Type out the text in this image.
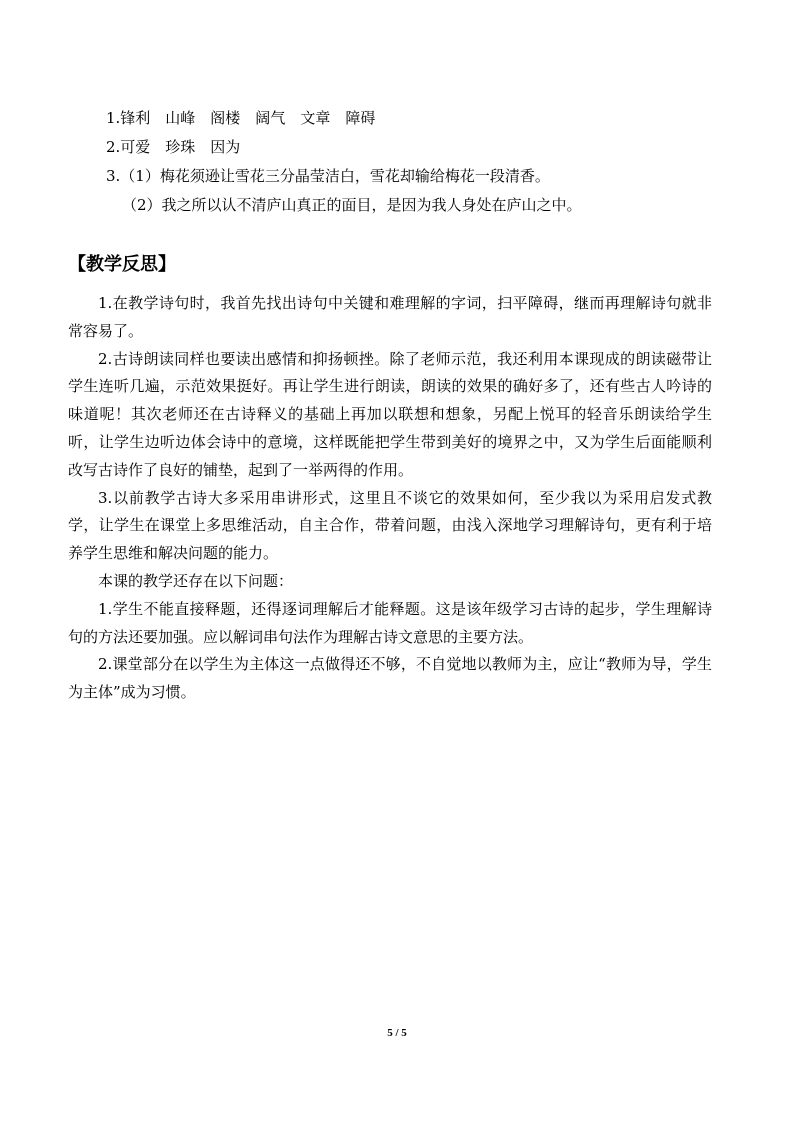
1.锋利　山峰　阁楼　阔气　文章　障碍
2.可爱　珍珠　因为
3.（1）梅花须逊让雪花三分晶莹洁白，雪花却输给梅花一段清香。
（2）我之所以认不清庐山真正的面目，是因为我人身处在庐山之中。
【教学反思】

1.在教学诗句时，我首先找出诗句中关键和难理解的字词，扫平障碍，继而再理解诗句就非常容易了。

2.古诗朗读同样也要读出感情和抑扬顿挫。除了老师示范，我还利用本课现成的朗读磁带让学生连听几遍，示范效果挺好。再让学生进行朗读，朗读的效果的确好多了，还有些古人吟诗的味道呢！其次老师还在古诗释义的基础上再加以联想和想象，另配上悦耳的轻音乐朗读给学生听，让学生边听边体会诗中的意境，这样既能把学生带到美好的境界之中，又为学生后面能顺利改写古诗作了良好的铺垫，起到了一举两得的作用。

3.以前教学古诗大多采用串讲形式，这里且不谈它的效果如何，至少我以为采用启发式教学，让学生在课堂上多思维活动，自主合作，带着问题，由浅入深地学习理解诗句，更有利于培养学生思维和解决问题的能力。

本课的教学还存在以下问题：

1.学生不能直接释题，还得逐词理解后才能释题。这是该年级学习古诗的起步，学生理解诗句的方法还要加强。应以解词串句法作为理解古诗文意思的主要方法。

2.课堂部分在以学生为主体这一点做得还不够，不自觉地以教师为主，应让“教师为导，学生为主体”成为习惯。

5 / 5
